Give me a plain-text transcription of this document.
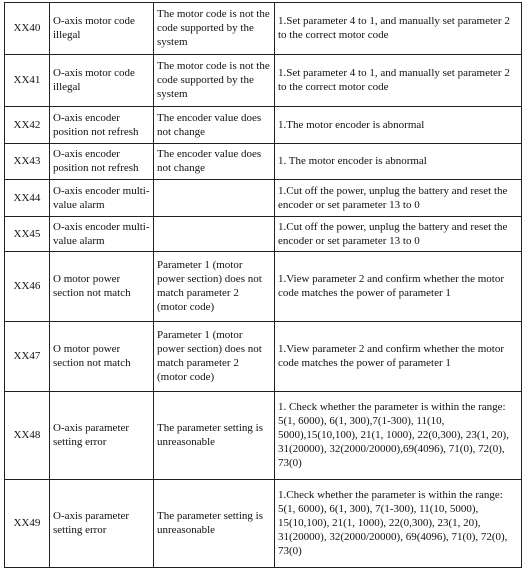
XX40	O-axis motor code illegal	The motor code is not the code supported by the system	1.Set parameter 4 to 1, and manually set parameter 2 to the correct motor code
XX41	O-axis motor code illegal	The motor code is not the code supported by the system	1.Set parameter 4 to 1, and manually set parameter 2 to the correct motor code
XX42	O-axis encoder position not refresh	The encoder value does not change	1.The motor encoder is abnormal
XX43	O-axis encoder position not refresh	The encoder value does not change	1. The motor encoder is abnormal
XX44	O-axis encoder multi-value alarm		1.Cut off the power, unplug the battery and reset the encoder or set parameter 13 to 0
XX45	O-axis encoder multi-value alarm		1.Cut off the power, unplug the battery and reset the encoder or set parameter 13 to 0
XX46	O motor power section not match	Parameter 1 (motor power section) does not match parameter 2 (motor code)	1.View parameter 2 and confirm whether the motor code matches the power of parameter 1
XX47	O motor power section not match	Parameter 1 (motor power section) does not match parameter 2 (motor code)	1.View parameter 2 and confirm whether the motor code matches the power of parameter 1
XX48	O-axis parameter setting error	The parameter setting is unreasonable	1. Check whether the parameter is within the range: 5(1, 6000), 6(1, 300),7(1-300), 11(10, 5000),15(10,100), 21(1, 1000), 22(0,300), 23(1, 20), 31(20000), 32(2000/20000),69(4096), 71(0), 72(0), 73(0)
XX49	O-axis parameter setting error	The parameter setting is unreasonable	1.Check whether the parameter is within the range: 5(1, 6000), 6(1, 300), 7(1-300), 11(10, 5000), 15(10,100), 21(1, 1000), 22(0,300), 23(1, 20), 31(20000), 32(2000/20000), 69(4096), 71(0), 72(0), 73(0)
